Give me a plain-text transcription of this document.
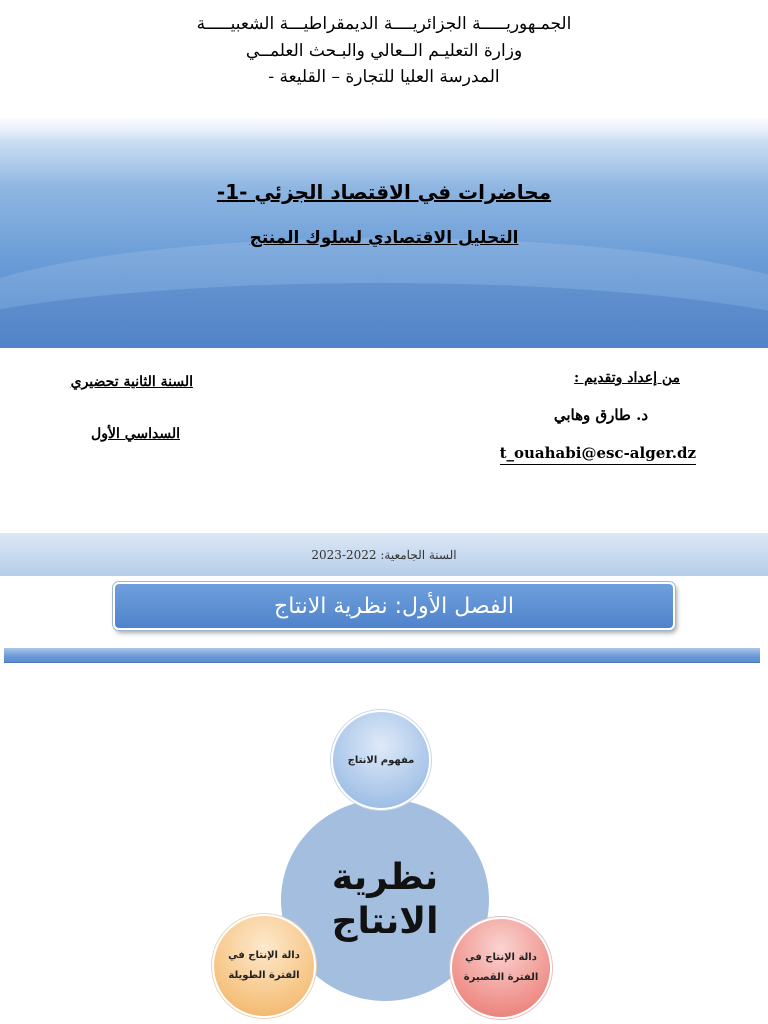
الجمـهوريـــــة الجزائريــــة الديمقراطيـــة الشعبيـــــة
وزارة التعليـم الــعالي والبـحث العلمــي
المدرسة العليا للتجارة – القليعة -
محاضرات في الاقتصاد الجزئي -1-
التحليل الاقتصادي لسلوك المنتج
من إعداد وتقديم :
د. طارق وهابي
t_ouahabi@esc-alger.dz
السنة الثانية تحضيري
السداسي الأول
السنة الجامعية: 2022-2023
الفصل الأول: نظرية الانتاج
نظرية
الانتاج
مفهوم الانتاج
دالة الإنتاج في
الفترة الطويلة
دالة الإنتاج في
الفترة القصيرة
